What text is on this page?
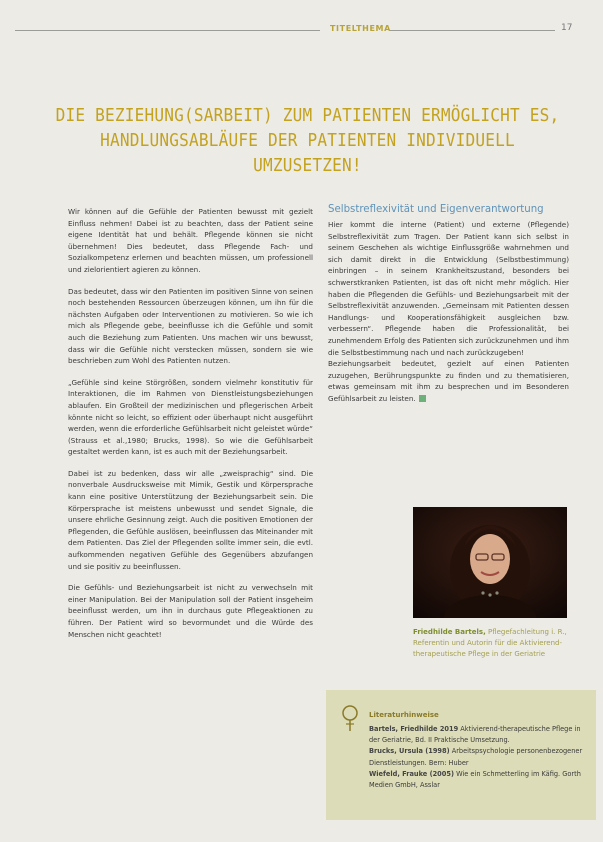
TITELTHEMA	17
DIE BEZIEHUNG(SARBEIT) ZUM PATIENTEN ERMÖGLICHT ES,
HANDLUNGSABLÄUFE DER PATIENTEN INDIVIDUELL UMZUSETZEN!

Wir können auf die Gefühle der Patienten bewusst mit gezielt Einfluss nehmen! Dabei ist zu beachten, dass der Patient seine eigene Identität hat und behält. Pflegende können sie nicht übernehmen! Dies bedeutet, dass Pflegende Fach- und Sozialkompetenz erlernen und beachten müssen, um professionell und zielorientiert agieren zu können.

Das bedeutet, dass wir den Patienten im positiven Sinne von seinen noch bestehenden Ressourcen überzeugen können, um ihn für die nächsten Aufgaben oder Interventionen zu motivieren. So wie ich mich als Pflegende gebe, beeinflusse ich die Gefühle und somit auch die Beziehung zum Patienten. Uns machen wir uns bewusst, dass wir die Gefühle nicht verstecken müssen, sondern sie wie beschrieben zum Wohl des Patienten nutzen.

„Gefühle sind keine Störgrößen, sondern vielmehr konstitutiv für Interaktionen, die im Rahmen von Dienstleistungsbeziehungen ablaufen. Ein Großteil der medizinischen und pflegerischen Arbeit könnte nicht so leicht, so effizient oder überhaupt nicht ausgeführt werden, wenn die erforderliche Gefühlsarbeit nicht geleistet würde“ (Strauss et al.,1980; Brucks, 1998). So wie die Gefühlsarbeit gestaltet werden kann, ist es auch mit der Beziehungsarbeit.

Dabei ist zu bedenken, dass wir alle „zweisprachig“ sind. Die nonverbale Ausdrucksweise mit Mimik, Gestik und Körpersprache kann eine positive Unterstützung der Beziehungsarbeit sein. Die Körpersprache ist meistens unbewusst und sendet Signale, die unsere ehrliche Gesinnung zeigt. Auch die positiven Emotionen der Pflegenden, die Gefühle auslösen, beeinflussen das Miteinander mit dem Patienten. Das Ziel der Pflegenden sollte immer sein, die evtl. aufkommenden negativen Gefühle des Gegenübers abzufangen und sie positiv zu beeinflussen.

Die Gefühls- und Beziehungsarbeit ist nicht zu verwechseln mit einer Manipulation. Bei der Manipulation soll der Patient insgeheim beeinflusst werden, um ihn in durchaus gute Pflegeaktionen zu führen. Der Patient wird so bevormundet und die Würde des Menschen nicht geachtet!

Selbstreflexivität und Eigenverantwortung

Hier kommt die interne (Patient) und externe (Pflegende) Selbstreflexivität zum Tragen. Der Patient kann sich selbst in seinem Geschehen als wichtige Einflussgröße wahrnehmen und sich damit direkt in die Entwicklung (Selbstbestimmung) einbringen – in seinem Krankheitszustand, besonders bei schwerstkranken Patienten, ist das oft nicht mehr möglich. Hier haben die Pflegenden die Gefühls- und Beziehungsarbeit mit der Selbstreflexivität anzuwenden. „Gemeinsam mit Patienten dessen Handlungs- und Kooperationsfähigkeit ausgleichen bzw. verbessern“. Pflegende haben die Professionalität, bei zunehmendem Erfolg des Patienten sich zurückzunehmen und ihm die Selbstbestimmung nach und nach zurückzugeben!

Beziehungsarbeit bedeutet, gezielt auf einen Patienten zuzugehen, Berührungspunkte zu finden und zu thematisieren, etwas gemeinsam mit ihm zu besprechen und im Besonderen Gefühlsarbeit zu leisten.

Friedhilde Bartels, Pflegefachleitung i. R., Referentin und Autorin für die Aktivierend-therapeutische Pflege in der Geriatrie
Literaturhinweise
Bartels, Friedhilde 2019 Aktivierend-therapeutische Pflege in der Geriatrie, Bd. II Praktische Umsetzung.
Brucks, Ursula (1998) Arbeitspsychologie personenbezogener Dienstleistungen. Bern: Huber
Wiefeld, Frauke (2005) Wie ein Schmetterling im Käfig. Gorth Medien GmbH, Asslar
